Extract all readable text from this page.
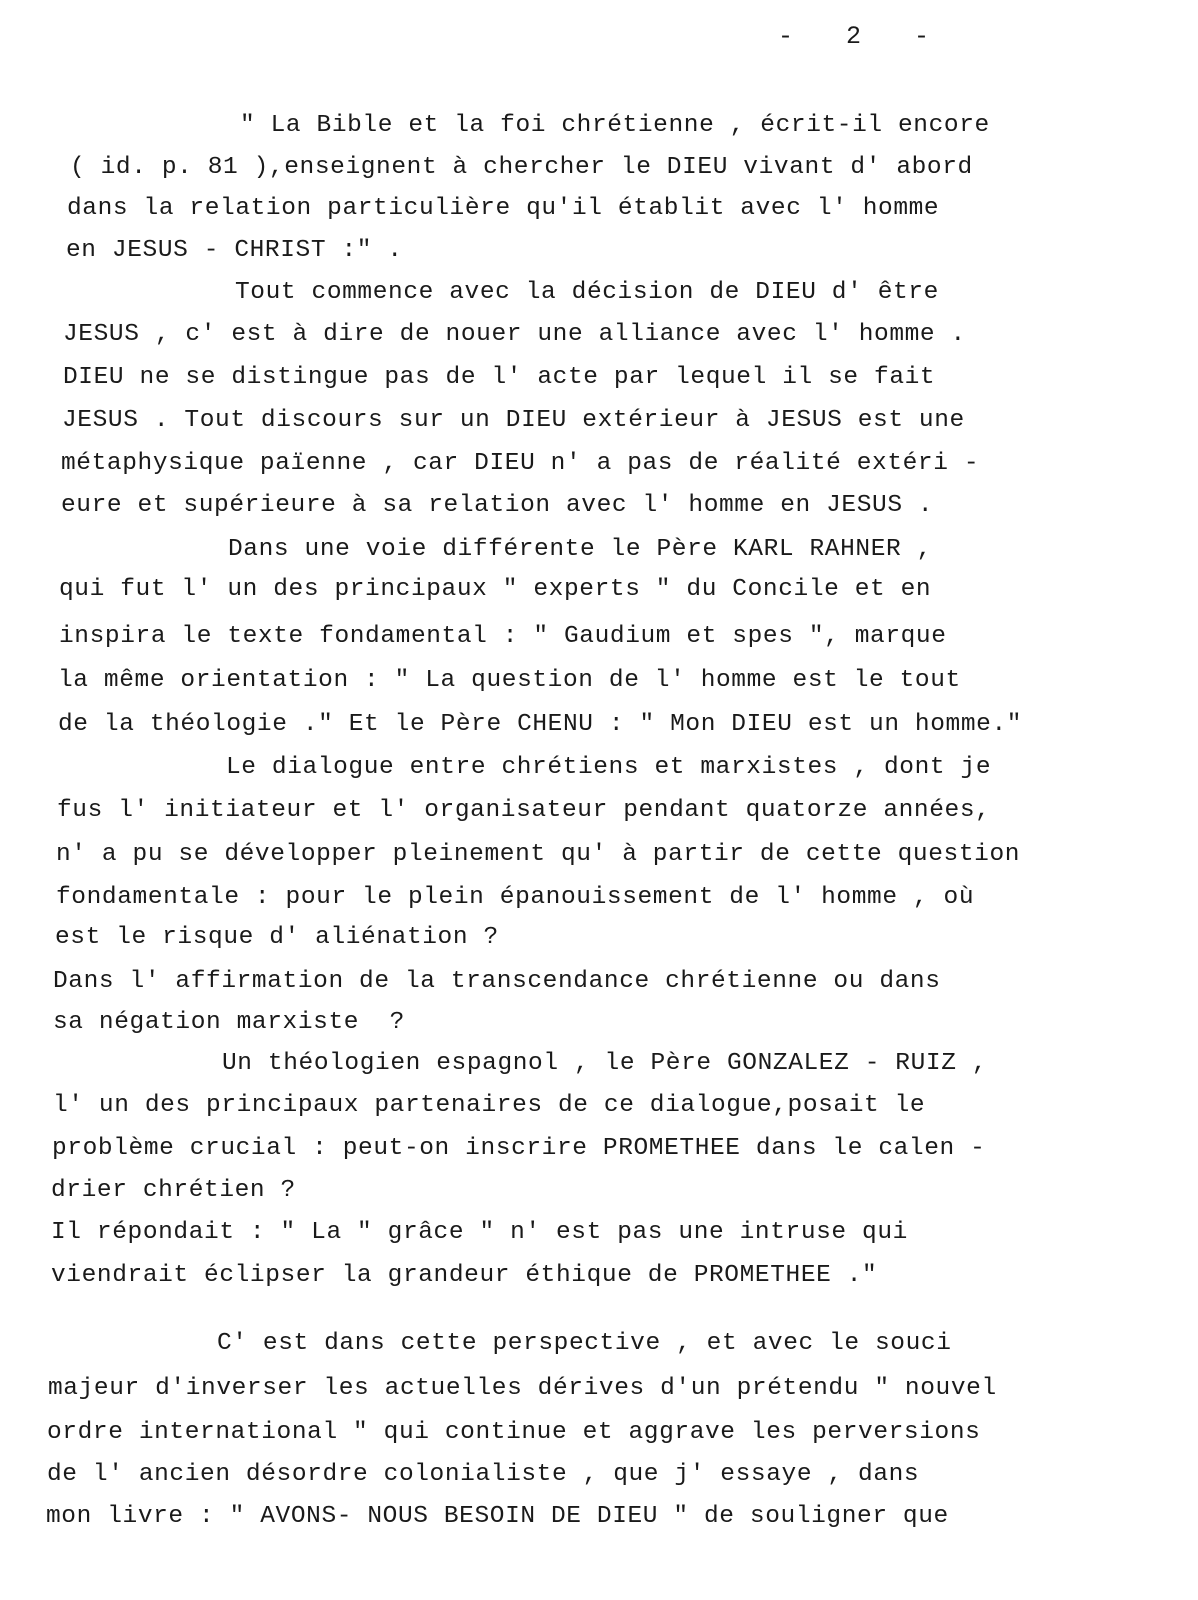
-   2   -
" La Bible et la foi chrétienne , écrit-il encore
( id. p. 81 ),enseignent à chercher le DIEU vivant d' abord
dans la relation particulière qu'il établit avec l' homme
en JESUS - CHRIST :" .
Tout commence avec la décision de DIEU d' être
JESUS , c' est à dire de nouer une alliance avec l' homme .
DIEU ne se distingue pas de l' acte par lequel il se fait
JESUS . Tout discours sur un DIEU extérieur à JESUS est une
métaphysique païenne , car DIEU n' a pas de réalité extéri -
eure et supérieure à sa relation avec l' homme en JESUS .
Dans une voie différente le Père KARL RAHNER ,
qui fut l' un des principaux " experts " du Concile et en
inspira le texte fondamental : " Gaudium et spes ", marque
la même orientation : " La question de l' homme est le tout
de la théologie ." Et le Père CHENU : " Mon DIEU est un homme."
Le dialogue entre chrétiens et marxistes , dont je
fus l' initiateur et l' organisateur pendant quatorze années,
n' a pu se développer pleinement qu' à partir de cette question
fondamentale : pour le plein épanouissement de l' homme , où
est le risque d' aliénation ?
Dans l' affirmation de la transcendance chrétienne ou dans
sa négation marxiste  ?
Un théologien espagnol , le Père GONZALEZ - RUIZ ,
l' un des principaux partenaires de ce dialogue,posait le
problème crucial : peut-on inscrire PROMETHEE dans le calen -
drier chrétien ?
Il répondait : " La " grâce " n' est pas une intruse qui
viendrait éclipser la grandeur éthique de PROMETHEE ."
C' est dans cette perspective , et avec le souci
majeur d'inverser les actuelles dérives d'un prétendu " nouvel
ordre international " qui continue et aggrave les perversions
de l' ancien désordre colonialiste , que j' essaye , dans
mon livre : " AVONS- NOUS BESOIN DE DIEU " de souligner que
